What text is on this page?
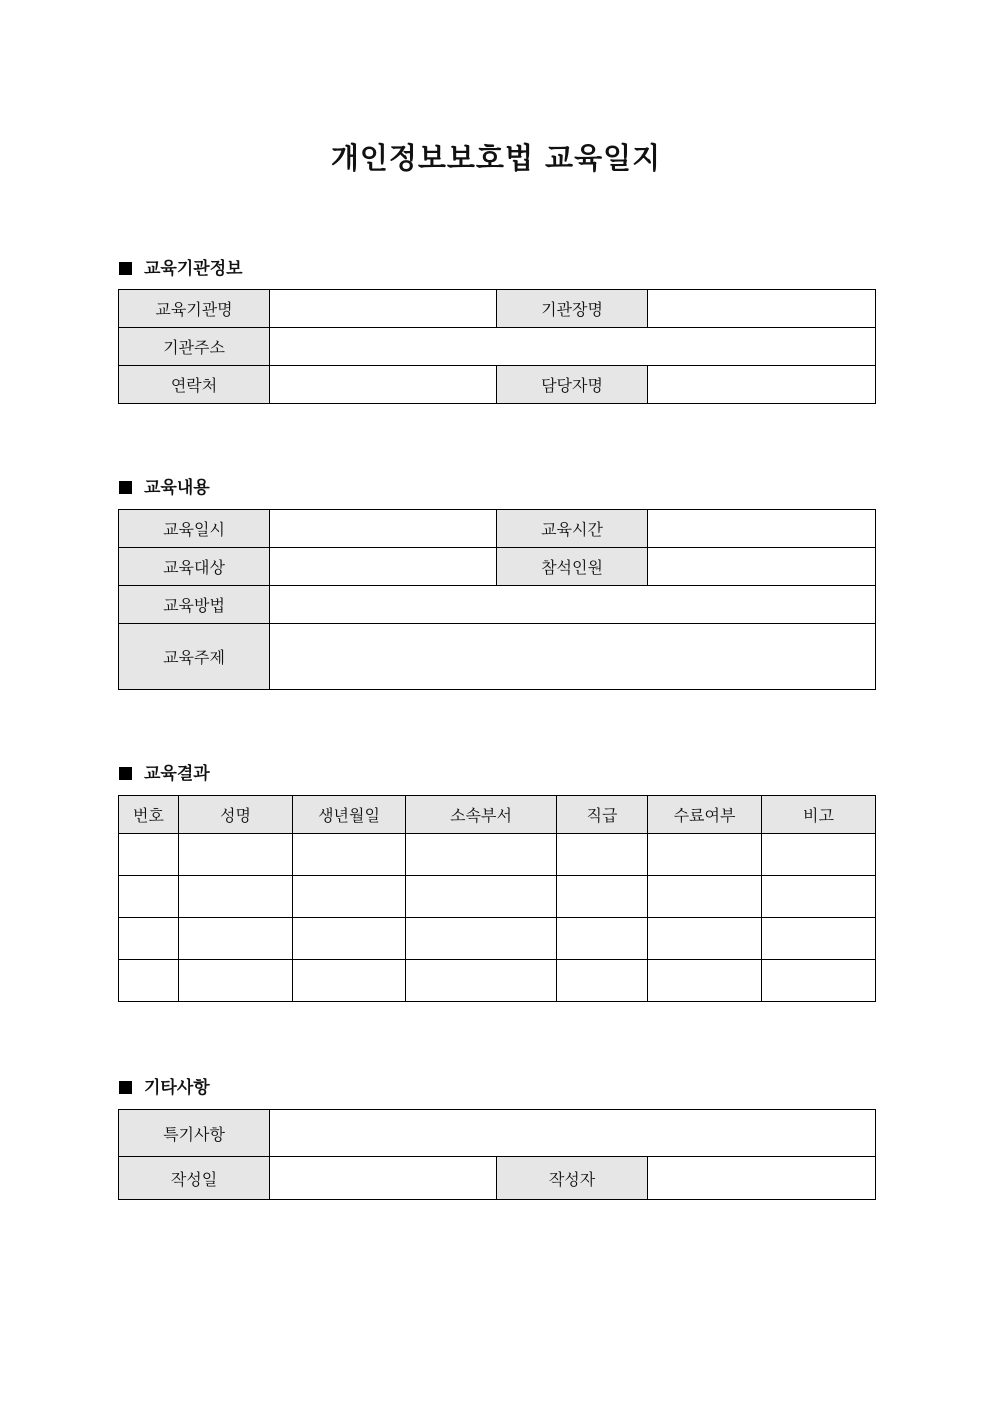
개인정보보호법 교육일지
교육기관정보
교육기관명		기관장명	
기관주소			
연락처		담당자명	
교육내용
교육일시		교육시간	
교육대상		참석인원	
교육방법			
교육주제			
교육결과
번호	성명	생년월일	소속부서	직급	수료여부	비고

기타사항
특기사항			
작성일		작성자	
